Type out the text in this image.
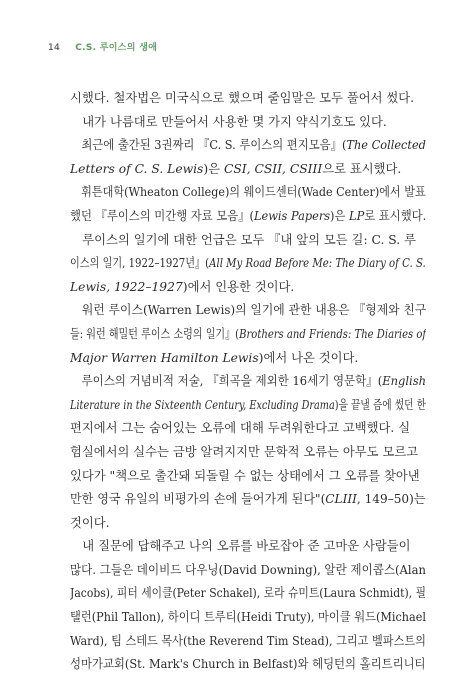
14 C.S. 루이스의 생애
시했다. 철자법은 미국식으로 했으며 줄임말은 모두 풀어서 썼다.
 내가 나름대로 만들어서 사용한 몇 가지 약식기호도 있다.
 최근에 출간된 3권짜리 『C. S. 루이스의 편지모음』(The Collected
Letters of C. S. Lewis)은 CSI, CSII, CSIII으로 표시했다.
 휘튼대학(Wheaton College)의 웨이드센터(Wade Center)에서 발표
했던 『루이스의 미간행 자료 모음』(Lewis Papers)은 LP로 표시했다.
 루이스의 일기에 대한 언급은 모두 『내 앞의 모든 길: C. S. 루
이스의 일기, 1922–1927년』(All My Road Before Me: The Diary of C. S.
Lewis, 1922–1927)에서 인용한 것이다.
 워런 루이스(Warren Lewis)의 일기에 관한 내용은 『형제와 친구
들: 워런 해밀턴 루이스 소령의 일기』(Brothers and Friends: The Diaries of
Major Warren Hamilton Lewis)에서 나온 것이다.
 루이스의 거념비적 저술, 『희곡을 제외한 16세기 영문학』(English
Literature in the Sixteenth Century, Excluding Drama)을 끝낼 즘에 썼던 한
편지에서 그는 숨어있는 오류에 대해 두려워한다고 고백했다. 실
험실에서의 실수는 금방 알려지지만 문학적 오류는 아무도 모르고
있다가 "책으로 출간돼 되돌릴 수 없는 상태에서 그 오류를 찾아낸
만한 영국 유일의 비평가의 손에 들어가게 된다"(CLIII, 149–50)는
것이다.
 내 질문에 답해주고 나의 오류를 바로잡아 준 고마운 사람들이
많다. 그들은 데이비드 다우닝(David Downing), 알란 제이콥스(Alan
Jacobs), 피터 세이클(Peter Schakel), 로라 슈미트(Laura Schmidt), 필
탤런(Phil Tallon), 하이디 트루티(Heidi Truty), 마이클 워드(Michael
Ward), 팀 스테드 목사(the Reverend Tim Stead), 그리고 벨파스트의
성마가교회(St. Mark's Church in Belfast)와 헤딩턴의 홀리트리니티
